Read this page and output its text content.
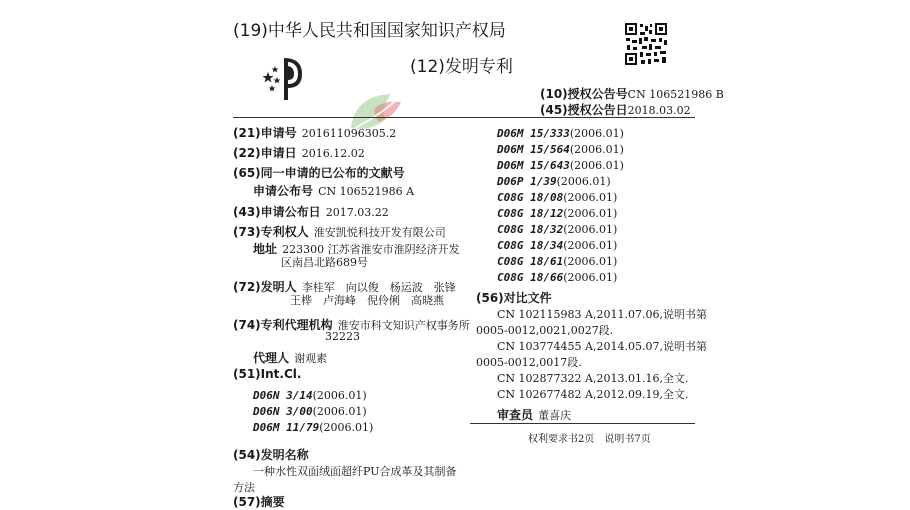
(19)中华人民共和国国家知识产权局
(12)发明专利
(10)授权公告号CN 106521986 B
(45)授权公告日2018.03.02
(21)申请号 201611096305.2
(22)申请日 2016.12.02
(65)同一申请的已公布的文献号
申请公布号 CN 106521986 A
(43)申请公布日 2017.03.22
(73)专利权人 淮安凯悦科技开发有限公司
地址 223300 江苏省淮安市淮阴经济开发
区南昌北路689号
(72)发明人 李桂军　向以俊　杨运波　张锋
王桦　卢海峰　倪伶俐　高晓燕
(74)专利代理机构 淮安市科文知识产权事务所
32223
代理人 谢观素
(51)Int.Cl.
D06N 3/14(2006.01)
D06N 3/00(2006.01)
D06M 11/79(2006.01)
(54)发明名称
一种水性双面绒面超纤PU合成革及其制备
方法
(57)摘要
D06M 15/333(2006.01)
D06M 15/564(2006.01)
D06M 15/643(2006.01)
D06P 1/39(2006.01)
C08G 18/08(2006.01)
C08G 18/12(2006.01)
C08G 18/32(2006.01)
C08G 18/34(2006.01)
C08G 18/61(2006.01)
C08G 18/66(2006.01)
(56)对比文件
CN 102115983 A,2011.07.06,说明书第
0005-0012,0021,0027段.
CN 103774455 A,2014.05.07,说明书第
0005-0012,0017段.
CN 102877322 A,2013.01.16,全文.
CN 102677482 A,2012.09.19,全文.
审查员 董喜庆
权利要求书2页　说明书7页
